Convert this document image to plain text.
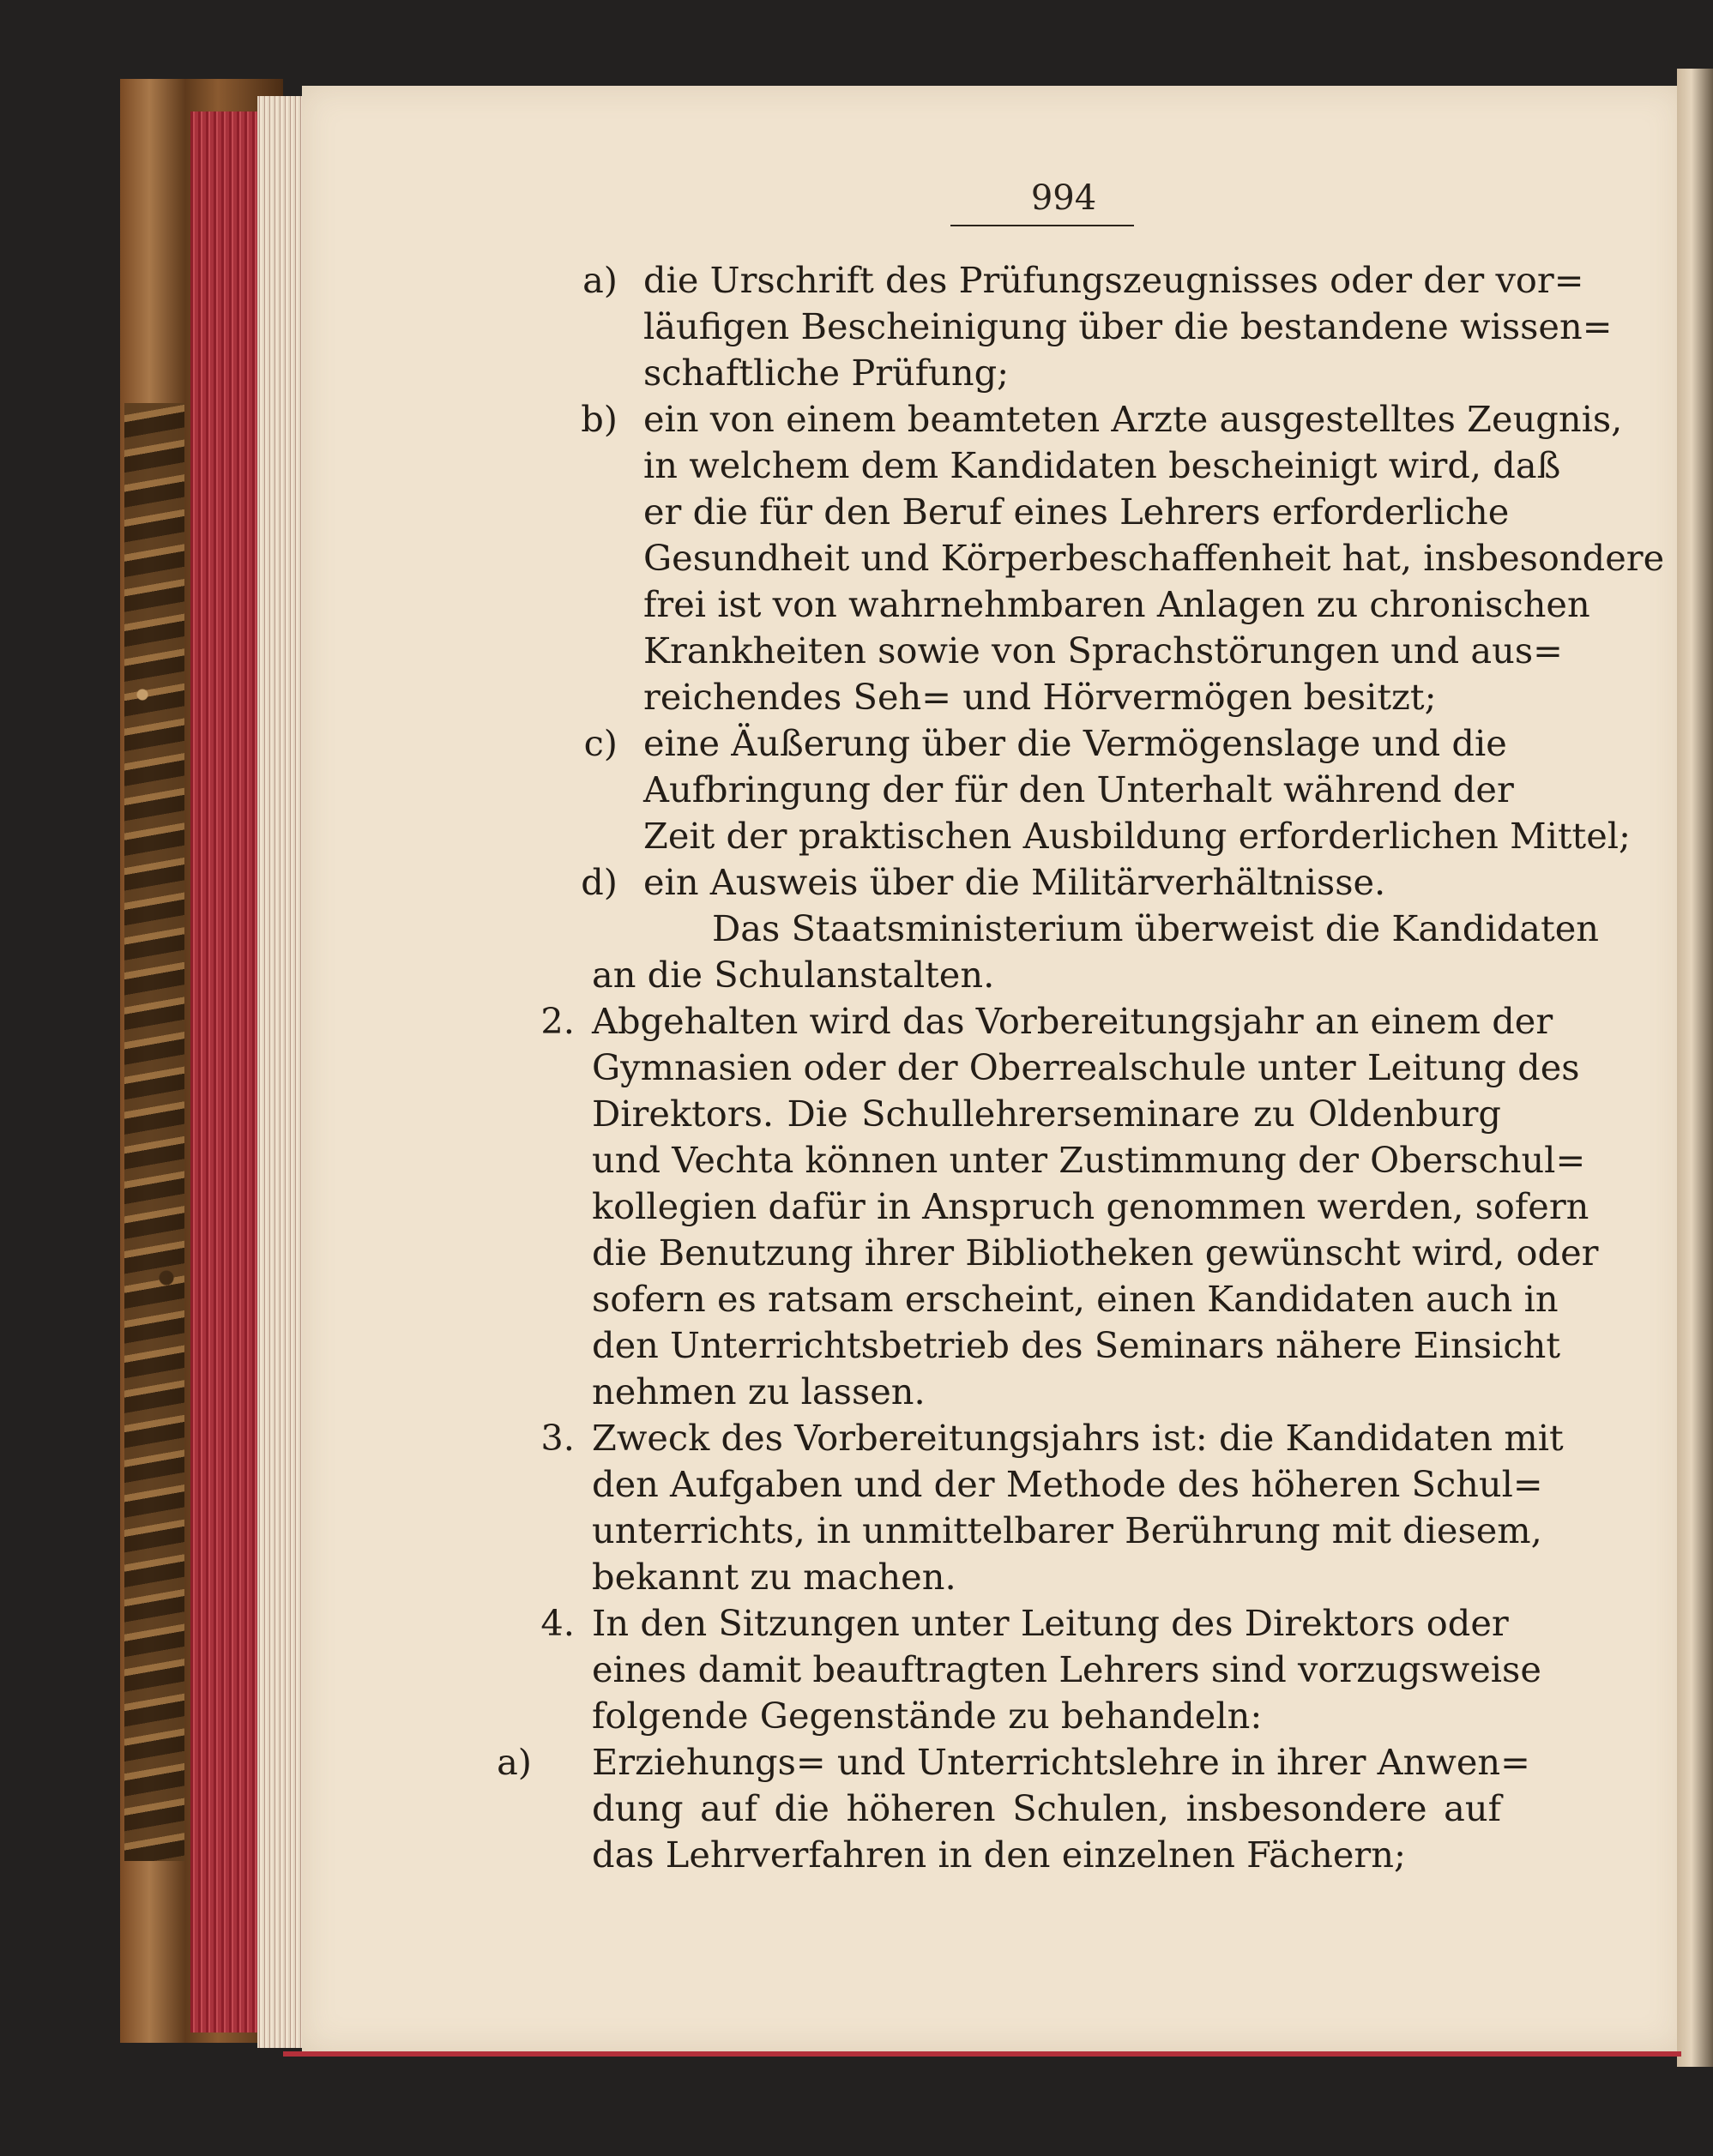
994
a) die Urschrift des Prüfungszeugnisses oder der vor=
läufigen Bescheinigung über die bestandene wissen=
schaftliche Prüfung;
b) ein von einem beamteten Arzte ausgestelltes Zeugnis,
in welchem dem Kandidaten bescheinigt wird, daß
er die für den Beruf eines Lehrers erforderliche
Gesundheit und Körperbeschaffenheit hat, insbesondere
frei ist von wahrnehmbaren Anlagen zu chronischen
Krankheiten sowie von Sprachstörungen und aus=
reichendes Seh= und Hörvermögen besitzt;
c) eine Äußerung über die Vermögenslage und die
Aufbringung der für den Unterhalt während der
Zeit der praktischen Ausbildung erforderlichen Mittel;
d) ein Ausweis über die Militärverhältnisse.
Das Staatsministerium überweist die Kandidaten
an die Schulanstalten.
2. Abgehalten wird das Vorbereitungsjahr an einem der
Gymnasien oder der Oberrealschule unter Leitung des
Direktors. Die Schullehrerseminare zu Oldenburg
und Vechta können unter Zustimmung der Oberschul=
kollegien dafür in Anspruch genommen werden, sofern
die Benutzung ihrer Bibliotheken gewünscht wird, oder
sofern es ratsam erscheint, einen Kandidaten auch in
den Unterrichtsbetrieb des Seminars nähere Einsicht
nehmen zu lassen.
3. Zweck des Vorbereitungsjahrs ist: die Kandidaten mit
den Aufgaben und der Methode des höheren Schul=
unterrichts, in unmittelbarer Berührung mit diesem,
bekannt zu machen.
4. In den Sitzungen unter Leitung des Direktors oder
eines damit beauftragten Lehrers sind vorzugsweise
folgende Gegenstände zu behandeln:
a) Erziehungs= und Unterrichtslehre in ihrer Anwen=
dung auf die höheren Schulen, insbesondere auf
das Lehrverfahren in den einzelnen Fächern;
